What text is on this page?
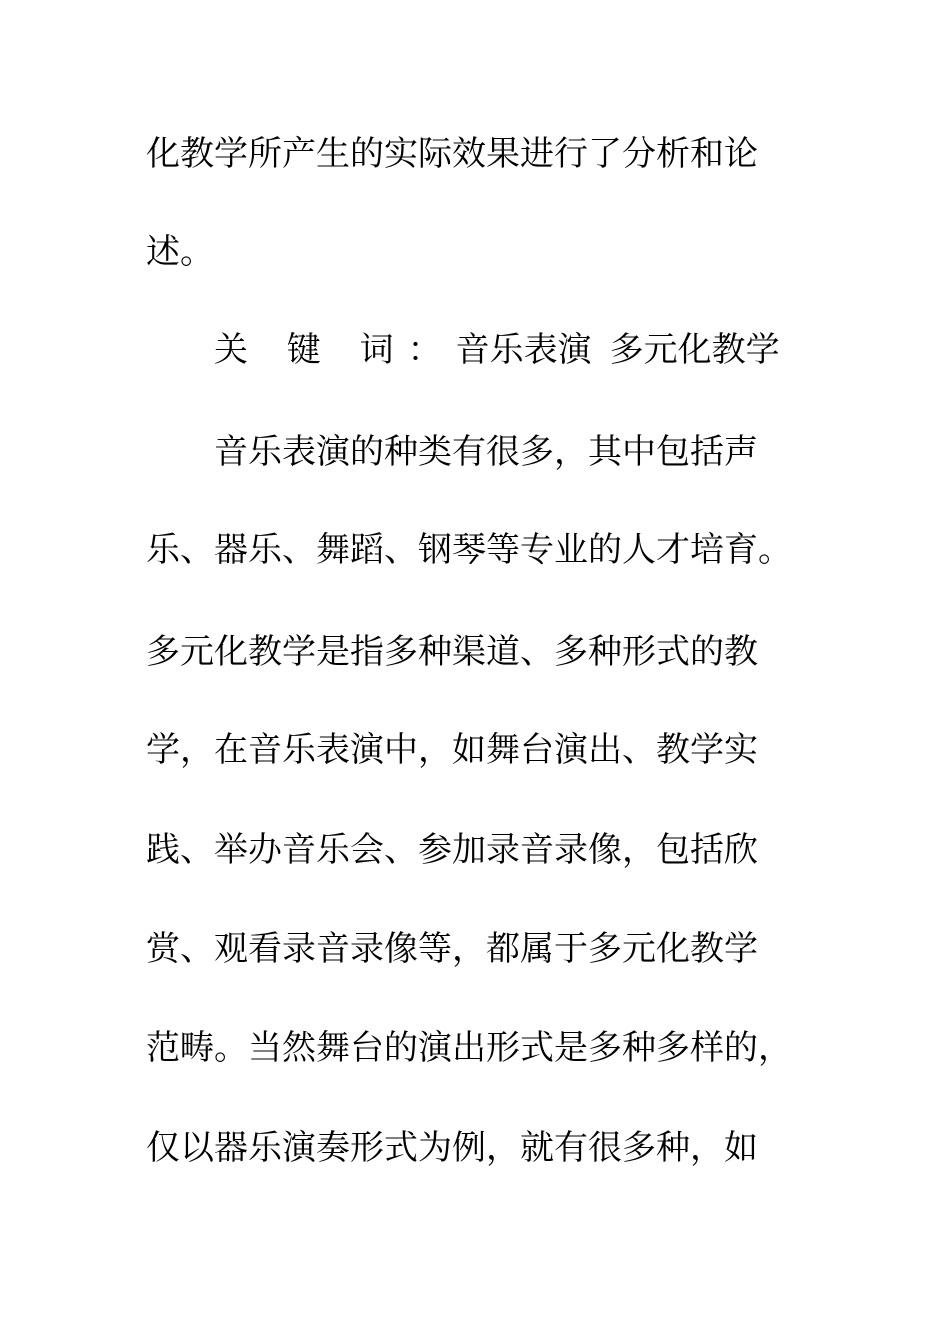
化教学所产生的实际效果进行了分析和论
述。
关 键 词：音乐表演 多元化教学
音乐表演的种类有很多，其中包括声
乐、器乐、舞蹈、钢琴等专业的人才培育。
多元化教学是指多种渠道、多种形式的教
学，在音乐表演中，如舞台演出、教学实
践、举办音乐会、参加录音录像，包括欣
赏、观看录音录像等，都属于多元化教学
范畴。当然舞台的演出形式是多种多样的，
仅以器乐演奏形式为例，就有很多种，如
